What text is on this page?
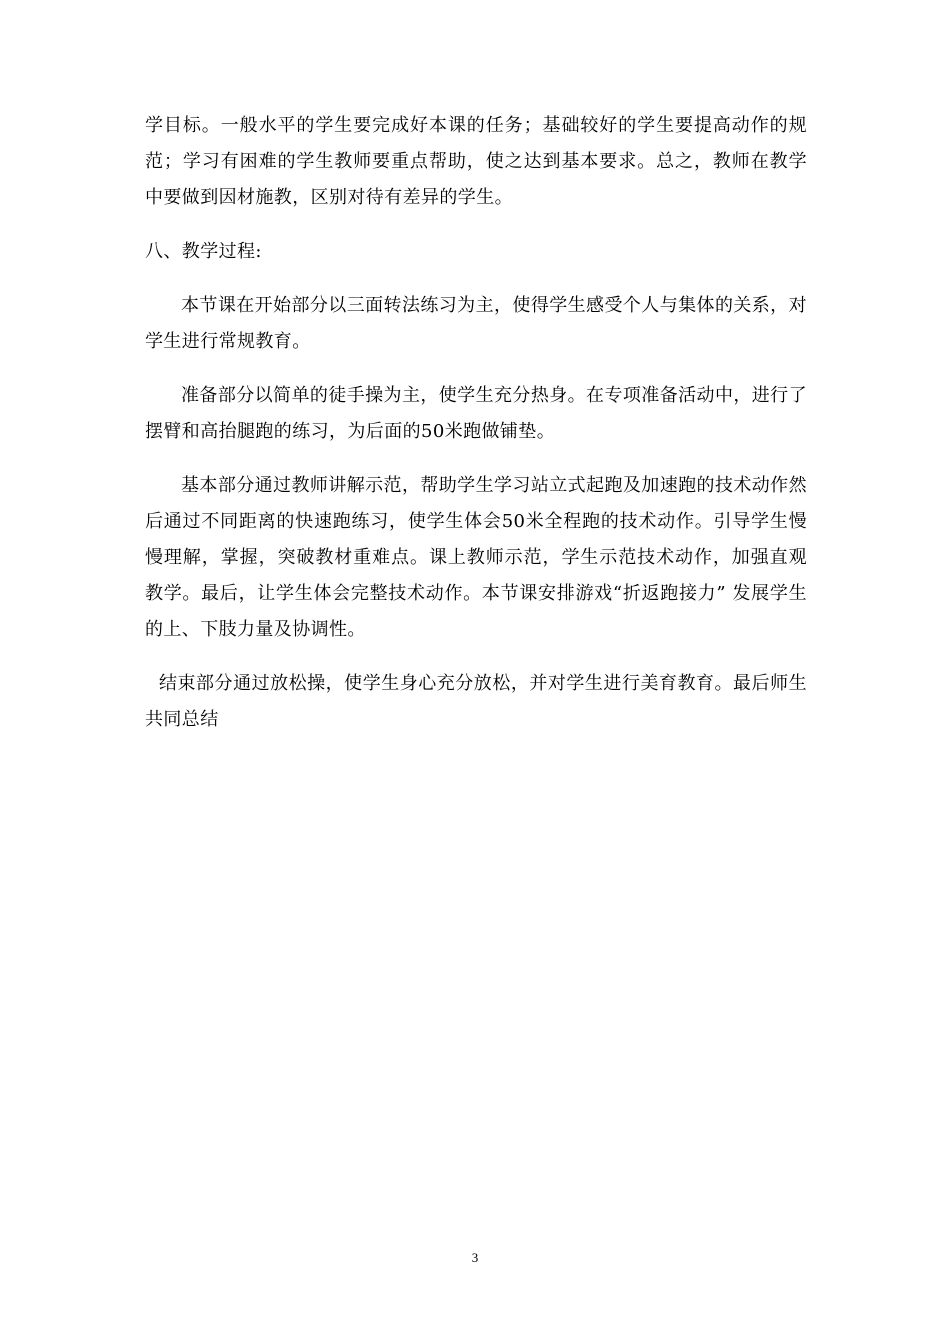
学目标。一般水平的学生要完成好本课的任务；基础较好的学生要提高动作的规范；学习有困难的学生教师要重点帮助，使之达到基本要求。总之，教师在教学中要做到因材施教，区别对待有差异的学生。

八、教学过程:

本节课在开始部分以三面转法练习为主，使得学生感受个人与集体的关系，对学生进行常规教育。

准备部分以简单的徒手操为主，使学生充分热身。在专项准备活动中，进行了摆臂和高抬腿跑的练习，为后面的50米跑做铺垫。

基本部分通过教师讲解示范，帮助学生学习站立式起跑及加速跑的技术动作然后通过不同距离的快速跑练习，使学生体会50米全程跑的技术动作。引导学生慢慢理解，掌握，突破教材重难点。课上教师示范，学生示范技术动作，加强直观教学。最后，让学生体会完整技术动作。本节课安排游戏“折返跑接力” 发展学生的上、下肢力量及协调性。

结束部分通过放松操，使学生身心充分放松，并对学生进行美育教育。最后师生共同总结

3
